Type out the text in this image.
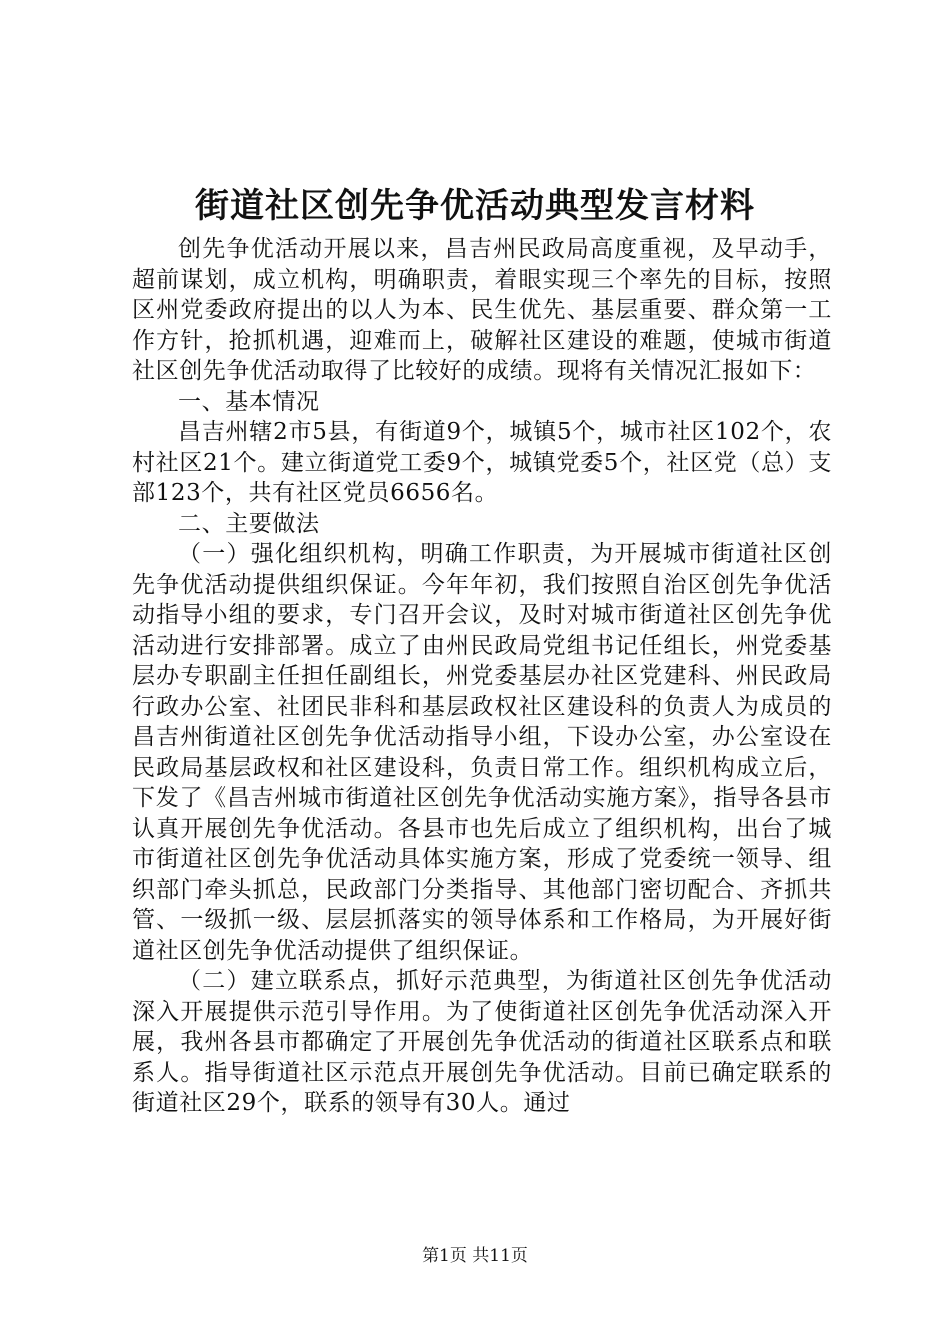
街道社区创先争优活动典型发言材料

创先争优活动开展以来，昌吉州民政局高度重视，及早动手，超前谋划，成立机构，明确职责，着眼实现三个率先的目标，按照区州党委政府提出的以人为本、民生优先、基层重要、群众第一工作方针，抢抓机遇，迎难而上，破解社区建设的难题，使城市街道社区创先争优活动取得了比较好的成绩。现将有关情况汇报如下：

一、基本情况

昌吉州辖2市5县，有街道9个，城镇5个，城市社区102个，农村社区21个。建立街道党工委9个，城镇党委5个，社区党（总）支部123个，共有社区党员6656名。

二、主要做法

（一）强化组织机构，明确工作职责，为开展城市街道社区创先争优活动提供组织保证。今年年初，我们按照自治区创先争优活动指导小组的要求，专门召开会议，及时对城市街道社区创先争优活动进行安排部署。成立了由州民政局党组书记任组长，州党委基层办专职副主任担任副组长，州党委基层办社区党建科、州民政局行政办公室、社团民非科和基层政权社区建设科的负责人为成员的昌吉州街道社区创先争优活动指导小组，下设办公室，办公室设在民政局基层政权和社区建设科，负责日常工作。组织机构成立后，下发了《昌吉州城市街道社区创先争优活动实施方案》，指导各县市认真开展创先争优活动。各县市也先后成立了组织机构，出台了城市街道社区创先争优活动具体实施方案，形成了党委统一领导、组织部门牵头抓总，民政部门分类指导、其他部门密切配合、齐抓共管、一级抓一级、层层抓落实的领导体系和工作格局，为开展好街道社区创先争优活动提供了组织保证。

（二）建立联系点，抓好示范典型，为街道社区创先争优活动深入开展提供示范引导作用。为了使街道社区创先争优活动深入开展，我州各县市都确定了开展创先争优活动的街道社区联系点和联系人。指导街道社区示范点开展创先争优活动。目前已确定联系的街道社区29个，联系的领导有30人。通过

第1页 共11页
